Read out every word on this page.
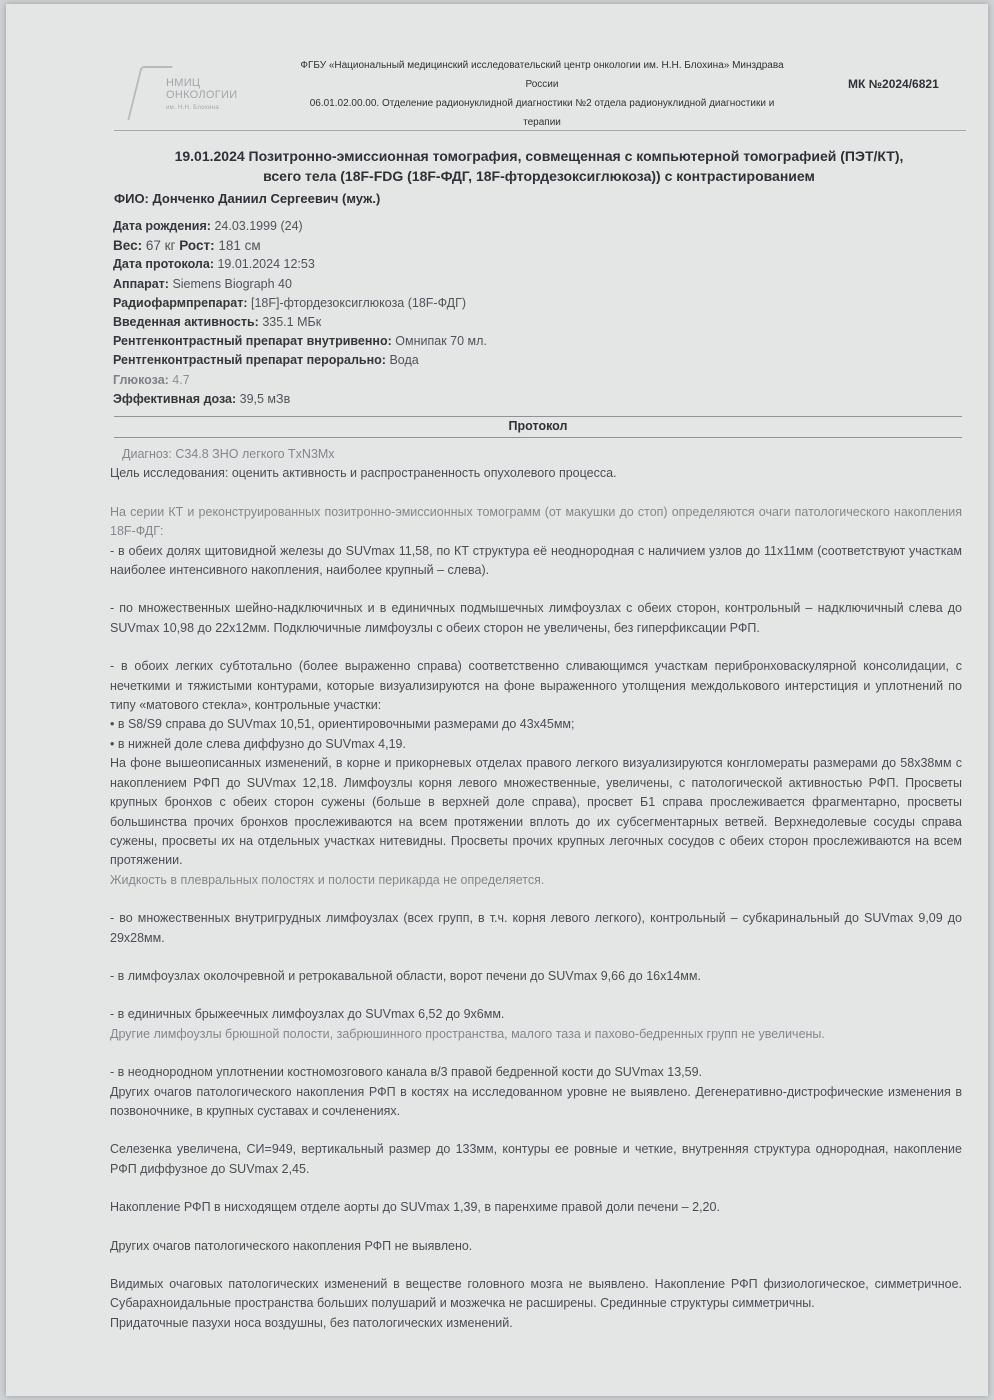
НМИЦ
ОНКОЛОГИИ
им. Н.Н. Блохина
ФГБУ «Национальный медицинский исследовательский центр онкологии им. Н.Н. Блохина» Минздрава
России
06.01.02.00.00. Отделение радионуклидной диагностики №2 отдела радионуклидной диагностики и
терапии
МК №2024/6821
19.01.2024 Позитронно-эмиссионная томография, совмещенная с компьютерной томографией (ПЭТ/КТ),
всего тела (18F-FDG (18F-ФДГ, 18F-фтордезоксиглюкоза)) с контрастированием
ФИО: Донченко Даниил Сергеевич (муж.)
Дата рождения: 24.03.1999 (24)
Вес: 67 кг Рост: 181 см
Дата протокола: 19.01.2024 12:53
Аппарат: Siemens Biograph 40
Радиофармпрепарат: [18F]-фтордезоксиглюкоза (18F-ФДГ)
Введенная активность: 335.1 МБк
Рентгенконтрастный препарат внутривенно: Омнипак 70 мл.
Рентгенконтрастный препарат перорально: Вода
Глюкоза: 4.7
Эффективная доза: 39,5 мЗв
Протокол

Диагноз: С34.8 ЗНО легкого TxN3Mx

Цель исследования: оценить активность и распространенность опухолевого процесса.

На серии КТ и реконструированных позитронно-эмиссионных томограмм (от макушки до стоп) определяются очаги патологического накопления 18F-ФДГ:

- в обеих долях щитовидной железы до SUVmax 11,58, по КТ структура её неоднородная с наличием узлов до 11x11мм (соответствуют участкам наиболее интенсивного накопления, наиболее крупный – слева).

- по множественных шейно-надключичных и в единичных подмышечных лимфоузлах с обеих сторон, контрольный – надключичный слева до SUVmax 10,98 до 22x12мм. Подключичные лимфоузлы с обеих сторон не увеличены, без гиперфиксации РФП.

- в обоих легких субтотально (более выраженно справа) соответственно сливающимся участкам перибронховаскулярной консолидации, с нечеткими и тяжистыми контурами, которые визуализируются на фоне выраженного утолщения междолькового интерстиция и уплотнений по типу «матового стекла», контрольные участки:

• в S8/S9 справа до SUVmax 10,51, ориентировочными размерами до 43x45мм;

• в нижней доле слева диффузно до SUVmax 4,19.

На фоне вышеописанных изменений, в корне и прикорневых отделах правого легкого визуализируются конгломераты размерами до 58x38мм с накоплением РФП до SUVmax 12,18. Лимфоузлы корня левого множественные, увеличены, с патологической активностью РФП. Просветы крупных бронхов с обеих сторон сужены (больше в верхней доле справа), просвет Б1 справа прослеживается фрагментарно, просветы большинства прочих бронхов прослеживаются на всем протяжении вплоть до их субсегментарных ветвей. Верхнедолевые сосуды справа сужены, просветы их на отдельных участках нитевидны. Просветы прочих крупных легочных сосудов с обеих сторон прослеживаются на всем протяжении.

Жидкость в плевральных полостях и полости перикарда не определяется.

- во множественных внутригрудных лимфоузлах (всех групп, в т.ч. корня левого легкого), контрольный – субкаринальный до SUVmax 9,09 до 29x28мм.

- в лимфоузлах околочревной и ретрокавальной области, ворот печени до SUVmax 9,66 до 16x14мм.

- в единичных брыжеечных лимфоузлах до SUVmax 6,52 до 9x6мм.

Другие лимфоузлы брюшной полости, забрюшинного пространства, малого таза и пахово-бедренных групп не увеличены.

- в неоднородном уплотнении костномозгового канала в/3 правой бедренной кости до SUVmax 13,59.

Других очагов патологического накопления РФП в костях на исследованном уровне не выявлено. Дегенеративно-дистрофические изменения в позвоночнике, в крупных суставах и сочленениях.

Селезенка увеличена, СИ=949, вертикальный размер до 133мм, контуры ее ровные и четкие, внутренняя структура однородная, накопление РФП диффузное до SUVmax 2,45.

Накопление РФП в нисходящем отделе аорты до SUVmax 1,39, в паренхиме правой доли печени – 2,20.

Других очагов патологического накопления РФП не выявлено.

Видимых очаговых патологических изменений в веществе головного мозга не выявлено. Накопление РФП физиологическое, симметричное. Субарахноидальные пространства больших полушарий и мозжечка не расширены. Срединные структуры симметричны.

Придаточные пазухи носа воздушны, без патологических изменений.
